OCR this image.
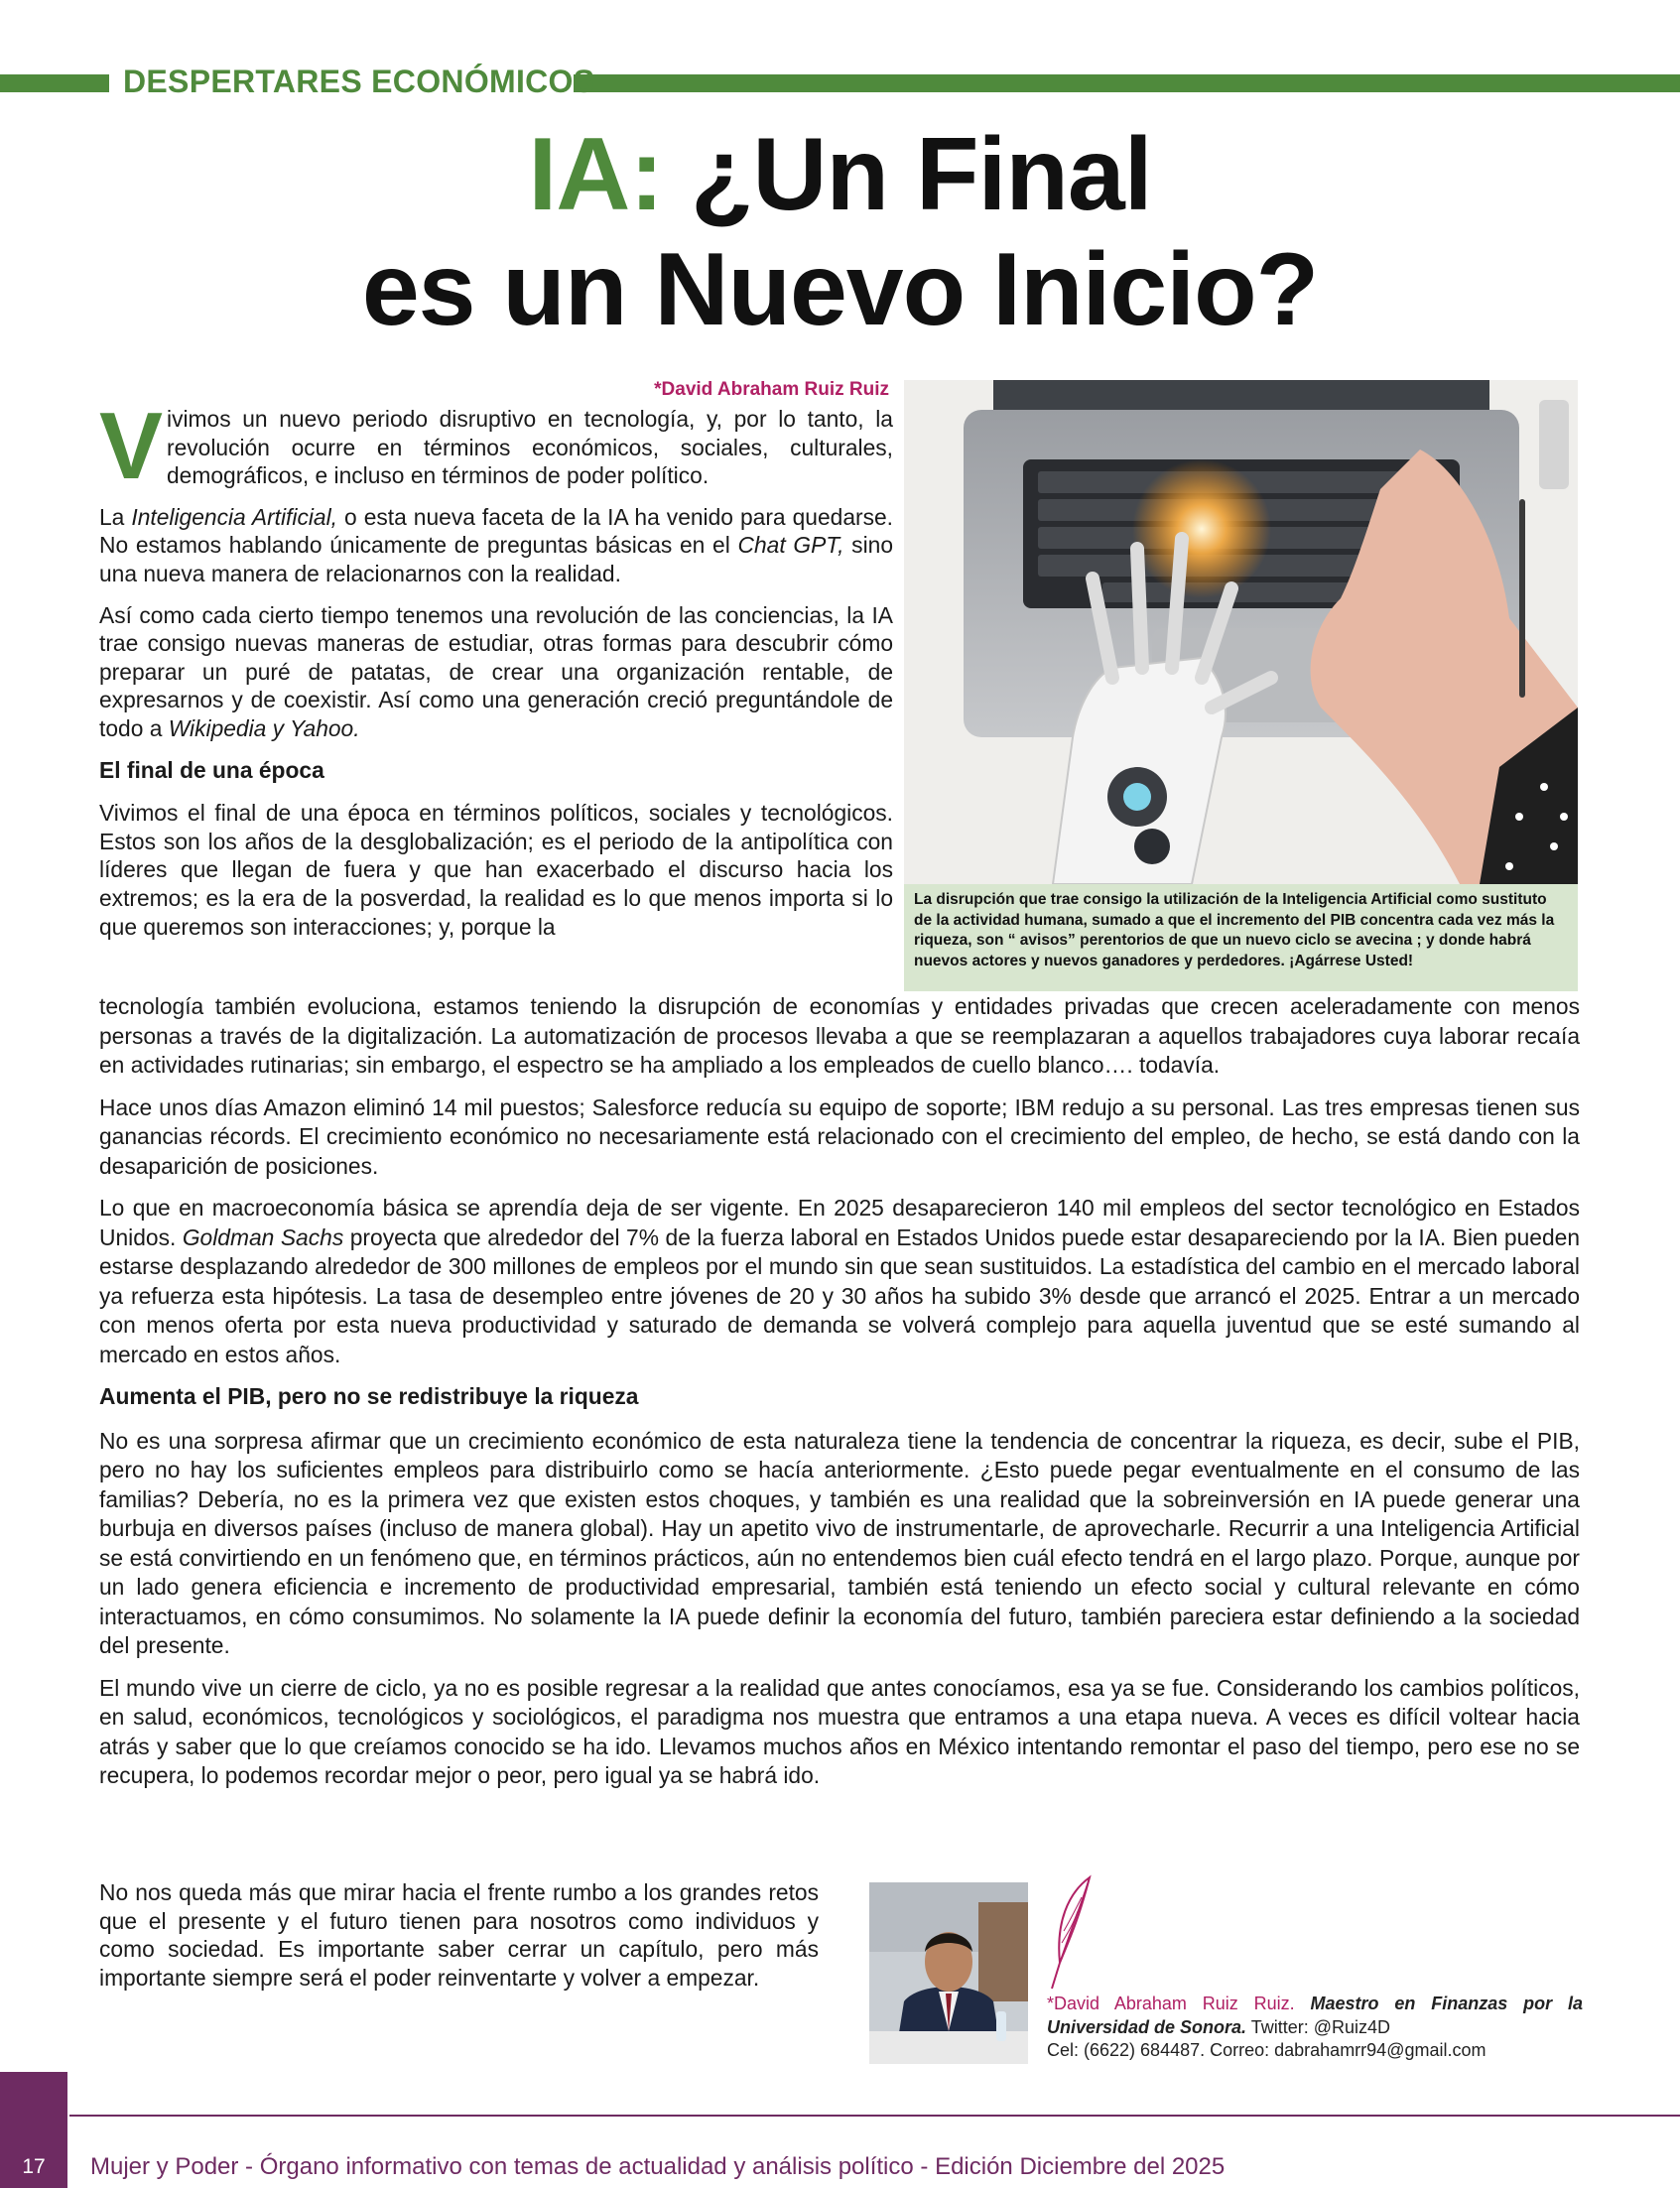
DESPERTARES ECONÓMICOS
IA: ¿Un Final
es un Nuevo Inicio?
*David Abraham Ruiz Ruiz

V ivimos un nuevo periodo disruptivo en tecnología, y, por lo tanto, la revolución ocurre en términos económicos, sociales, culturales, demográficos, e incluso en términos de poder político.

La Inteligencia Artificial, o esta nueva faceta de la IA ha venido para quedarse. No estamos hablando únicamente de preguntas básicas en el Chat GPT, sino una nueva manera de relacionarnos con la realidad.

Así como cada cierto tiempo tenemos una revolución de las conciencias, la IA trae consigo nuevas maneras de estudiar, otras formas para descubrir cómo preparar un puré de patatas, de crear una organización rentable, de expresarnos y de coexistir. Así como una generación creció preguntándole de todo a Wikipedia y Yahoo.

El final de una época

Vivimos el final de una época en términos políticos, sociales y tecnológicos. Estos son los años de la desglobalización; es el periodo de la antipolítica con líderes que llegan de fuera y que han exacerbado el discurso hacia los extremos; es la era de la posverdad, la realidad es lo que menos importa si lo que queremos son interacciones; y, porque la

La disrupción que trae consigo la utilización de la Inteligencia Artificial como sustituto de la actividad humana, sumado a que el incremento del PIB concentra cada vez más la riqueza, son “ avisos” perentorios de que un nuevo ciclo se avecina ; y donde habrá nuevos actores y nuevos ganadores y perdedores. ¡Agárrese Usted!

tecnología también evoluciona, estamos teniendo la disrupción de economías y entidades privadas que crecen aceleradamente con menos personas a través de la digitalización. La automatización de procesos llevaba a que se reemplazaran a aquellos trabajadores cuya laborar recaía en actividades rutinarias; sin embargo, el espectro se ha ampliado a los empleados de cuello blanco…. todavía.

Hace unos días Amazon eliminó 14 mil puestos; Salesforce reducía su equipo de soporte; IBM redujo a su personal. Las tres empresas tienen sus ganancias récords. El crecimiento económico no necesariamente está relacionado con el crecimiento del empleo, de hecho, se está dando con la desaparición de posiciones.

Lo que en macroeconomía básica se aprendía deja de ser vigente. En 2025 desaparecieron 140 mil empleos del sector tecnológico en Estados Unidos. Goldman Sachs proyecta que alrededor del 7% de la fuerza laboral en Estados Unidos puede estar desapareciendo por la IA. Bien pueden estarse desplazando alrededor de 300 millones de empleos por el mundo sin que sean sustituidos. La estadística del cambio en el mercado laboral ya refuerza esta hipótesis. La tasa de desempleo entre jóvenes de 20 y 30 años ha subido 3% desde que arrancó el 2025. Entrar a un mercado con menos oferta por esta nueva productividad y saturado de demanda se volverá complejo para aquella juventud que se esté sumando al mercado en estos años.

Aumenta el PIB, pero no se redistribuye la riqueza

No es una sorpresa afirmar que un crecimiento económico de esta naturaleza tiene la tendencia de concentrar la riqueza, es decir, sube el PIB, pero no hay los suficientes empleos para distribuirlo como se hacía anteriormente. ¿Esto puede pegar eventualmente en el consumo de las familias? Debería, no es la primera vez que existen estos choques, y también es una realidad que la sobreinversión en IA puede generar una burbuja en diversos países (incluso de manera global). Hay un apetito vivo de instrumentarle, de aprovecharle. Recurrir a una Inteligencia Artificial se está convirtiendo en un fenómeno que, en términos prácticos, aún no entendemos bien cuál efecto tendrá en el largo plazo. Porque, aunque por un lado genera eficiencia e incremento de productividad empresarial, también está teniendo un efecto social y cultural relevante en cómo interactuamos, en cómo consumimos. No solamente la IA puede definir la economía del futuro, también pareciera estar definiendo a la sociedad del presente.

El mundo vive un cierre de ciclo, ya no es posible regresar a la realidad que antes conocíamos, esa ya se fue. Considerando los cambios políticos, en salud, económicos, tecnológicos y sociológicos, el paradigma nos muestra que entramos a una etapa nueva. A veces es difícil voltear hacia atrás y saber que lo que creíamos conocido se ha ido. Llevamos muchos años en México intentando remontar el paso del tiempo, pero ese no se recupera, lo podemos recordar mejor o peor, pero igual ya se habrá ido.

No nos queda más que mirar hacia el frente rumbo a los grandes retos que el presente y el futuro tienen para nosotros como individuos y como sociedad. Es importante saber cerrar un capítulo, pero más importante siempre será el poder reinventarte y volver a empezar.
*David Abraham Ruiz Ruiz. Maestro en Finanzas por la Universidad de Sonora. Twitter: @Ruiz4D
Cel: (6622) 684487. Correo: dabrahamrr94@gmail.com
17	Mujer y Poder - Órgano informativo con temas de actualidad y análisis político - Edición Diciembre del 2025
